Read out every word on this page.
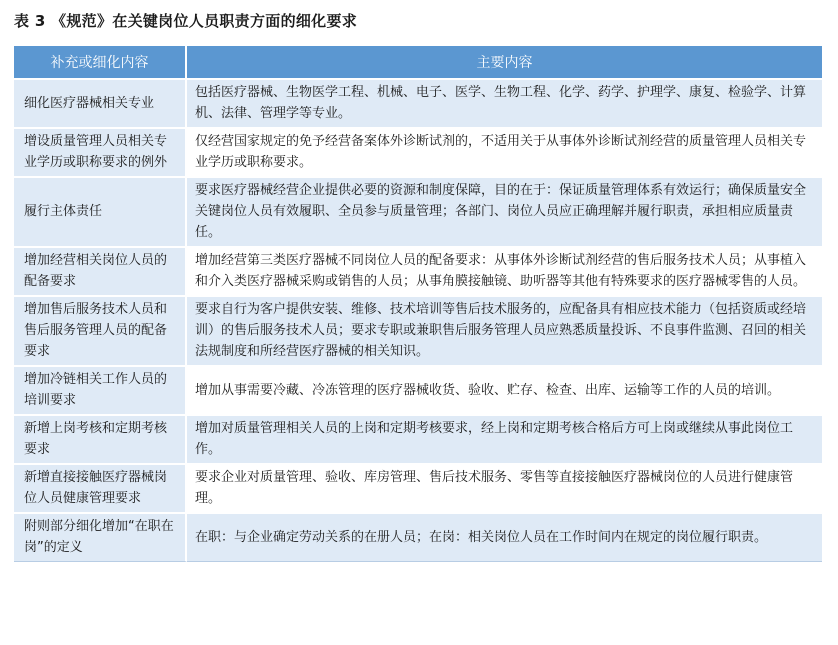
表 3 《规范》在关键岗位人员职责方面的细化要求
补充或细化内容	主要内容
细化医疗器械相关专业	包括医疗器械、生物医学工程、机械、电子、医学、生物工程、化学、药学、护理学、康复、检验学、计算机、法律、管理学等专业。
增设质量管理人员相关专业学历或职称要求的例外	仅经营国家规定的免予经营备案体外诊断试剂的，不适用关于从事体外诊断试剂经营的质量管理人员相关专业学历或职称要求。
履行主体责任	要求医疗器械经营企业提供必要的资源和制度保障，目的在于：保证质量管理体系有效运行；确保质量安全关键岗位人员有效履职、全员参与质量管理；各部门、岗位人员应正确理解并履行职责，承担相应质量责任。
增加经营相关岗位人员的配备要求	增加经营第三类医疗器械不同岗位人员的配备要求：从事体外诊断试剂经营的售后服务技术人员；从事植入和介入类医疗器械采购或销售的人员；从事角膜接触镜、助听器等其他有特殊要求的医疗器械零售的人员。
增加售后服务技术人员和售后服务管理人员的配备要求	要求自行为客户提供安装、维修、技术培训等售后技术服务的，应配备具有相应技术能力（包括资质或经培训）的售后服务技术人员；要求专职或兼职售后服务管理人员应熟悉质量投诉、不良事件监测、召回的相关法规制度和所经营医疗器械的相关知识。
增加冷链相关工作人员的培训要求	增加从事需要冷藏、冷冻管理的医疗器械收货、验收、贮存、检查、出库、运输等工作的人员的培训。
新增上岗考核和定期考核要求	增加对质量管理相关人员的上岗和定期考核要求，经上岗和定期考核合格后方可上岗或继续从事此岗位工作。
新增直接接触医疗器械岗位人员健康管理要求	要求企业对质量管理、验收、库房管理、售后技术服务、零售等直接接触医疗器械岗位的人员进行健康管理。
附则部分细化增加“在职在岗”的定义	在职：与企业确定劳动关系的在册人员；在岗：相关岗位人员在工作时间内在规定的岗位履行职责。
